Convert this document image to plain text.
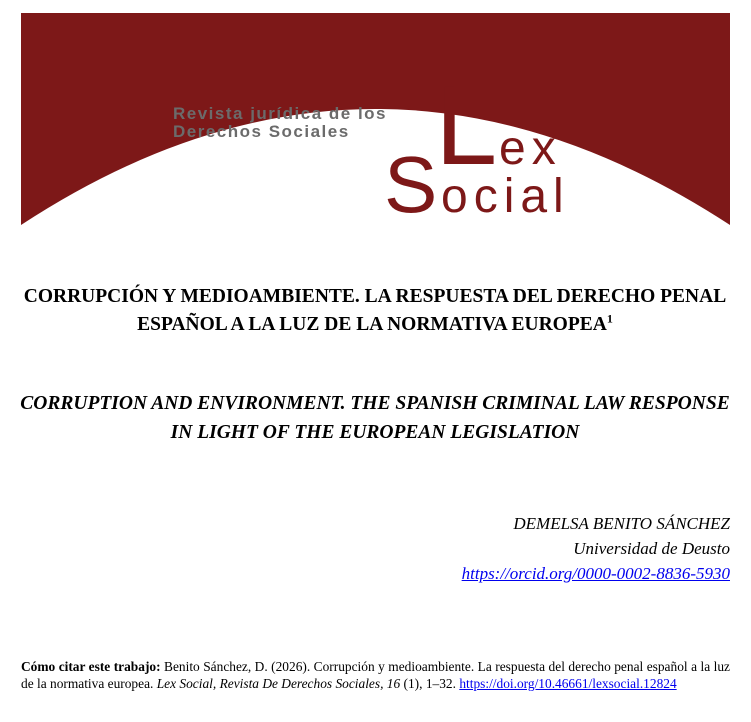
Revista jurídica de los
Derechos Sociales L ex
S ocial
CORRUPCIÓN Y MEDIOAMBIENTE. LA RESPUESTA DEL DERECHO PENAL ESPAÑOL A LA LUZ DE LA NORMATIVA EUROPEA$^1$
CORRUPTION AND ENVIRONMENT. THE SPANISH CRIMINAL LAW RESPONSE IN LIGHT OF THE EUROPEAN LEGISLATION
DEMELSA BENITO SÁNCHEZ
Universidad de Deusto
https://orcid.org/0000-0002-8836-5930
Cómo citar este trabajo: Benito Sánchez, D. (2026). Corrupción y medioambiente. La respuesta del derecho penal español a la luz de la normativa europea. Lex Social, Revista De Derechos Sociales, 16 (1), 1–32. https://doi.org/10.46661/lexsocial.12824
